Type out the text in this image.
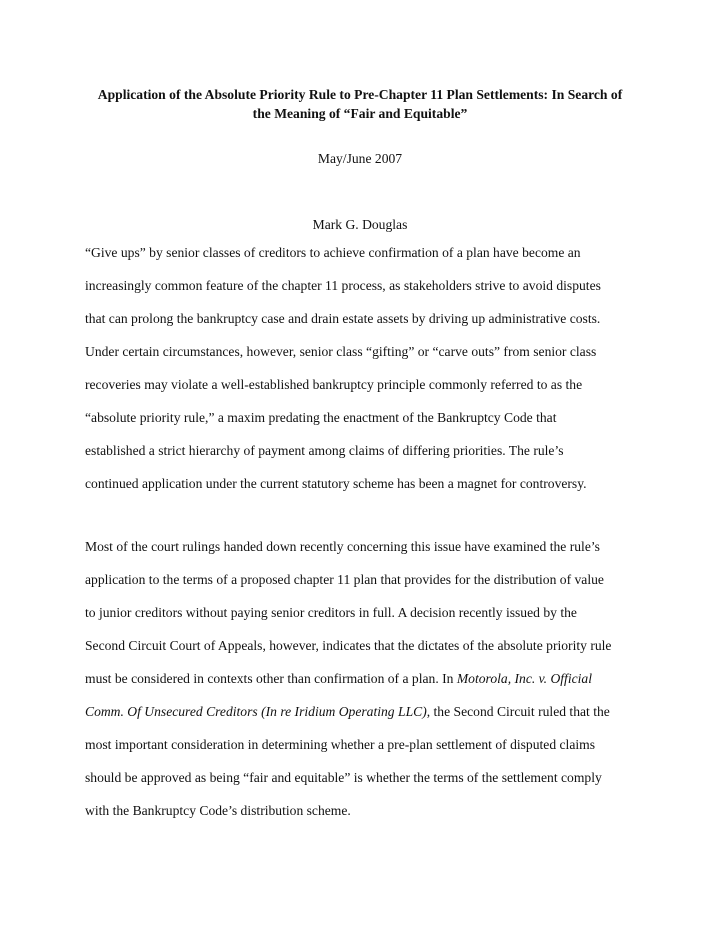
Application of the Absolute Priority Rule to Pre-Chapter 11 Plan Settlements: In Search of
the Meaning of “Fair and Equitable”
May/June 2007
Mark G. Douglas
“Give ups” by senior classes of creditors to achieve confirmation of a plan have become an
increasingly common feature of the chapter 11 process, as stakeholders strive to avoid disputes
that can prolong the bankruptcy case and drain estate assets by driving up administrative costs.
Under certain circumstances, however, senior class “gifting” or “carve outs” from senior class
recoveries may violate a well-established bankruptcy principle commonly referred to as the
“absolute priority rule,” a maxim predating the enactment of the Bankruptcy Code that
established a strict hierarchy of payment among claims of differing priorities. The rule’s
continued application under the current statutory scheme has been a magnet for controversy.
Most of the court rulings handed down recently concerning this issue have examined the rule’s
application to the terms of a proposed chapter 11 plan that provides for the distribution of value
to junior creditors without paying senior creditors in full. A decision recently issued by the
Second Circuit Court of Appeals, however, indicates that the dictates of the absolute priority rule
must be considered in contexts other than confirmation of a plan. In Motorola, Inc. v. Official
Comm. Of Unsecured Creditors (In re Iridium Operating LLC), the Second Circuit ruled that the
most important consideration in determining whether a pre-plan settlement of disputed claims
should be approved as being “fair and equitable” is whether the terms of the settlement comply
with the Bankruptcy Code’s distribution scheme.
